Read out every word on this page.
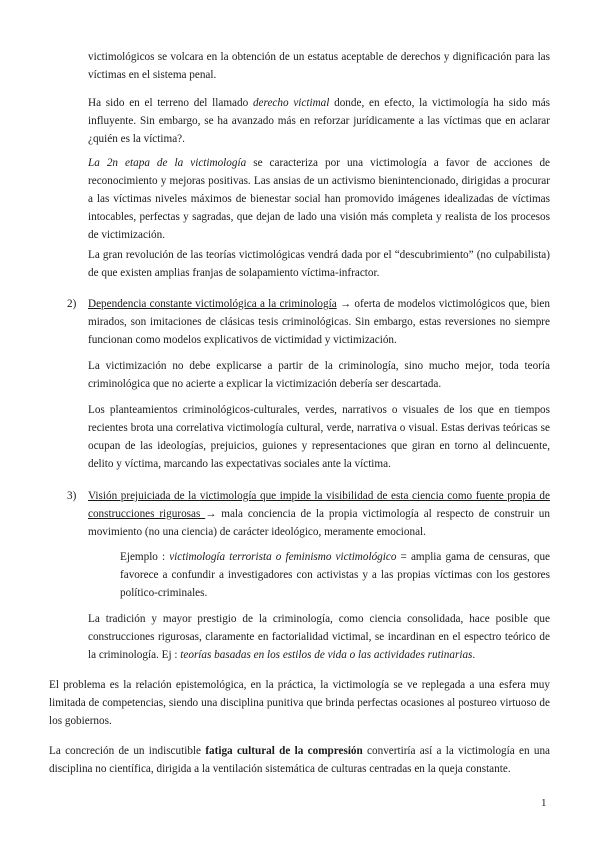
victimológicos se volcara en la obtención de un estatus aceptable de derechos y dignificación para las víctimas en el sistema penal.

Ha sido en el terreno del llamado derecho victimal donde, en efecto, la victimología ha sido más influyente. Sin embargo, se ha avanzado más en reforzar jurídicamente a las víctimas que en aclarar ¿quién es la víctima?.

La 2n etapa de la victimología se caracteriza por una victimología a favor de acciones de reconocimiento y mejoras positivas. Las ansias de un activismo bienintencionado, dirigidas a procurar a las víctimas niveles máximos de bienestar social han promovido imágenes idealizadas de víctimas intocables, perfectas y sagradas, que dejan de lado una visión más completa y realista de los procesos de victimización.

La gran revolución de las teorías victimológicas vendrá dada por el “descubrimiento” (no culpabilista) de que existen amplias franjas de solapamiento víctima-infractor.

2) Dependencia constante victimológica a la criminología → oferta de modelos victimológicos que, bien mirados, son imitaciones de clásicas tesis criminológicas. Sin embargo, estas reversiones no siempre funcionan como modelos explicativos de victimidad y victimización.

La victimización no debe explicarse a partir de la criminología, sino mucho mejor, toda teoría criminológica que no acierte a explicar la victimización debería ser descartada.

Los planteamientos criminológicos-culturales, verdes, narrativos o visuales de los que en tiempos recientes brota una correlativa victimología cultural, verde, narrativa o visual. Estas derivas teóricas se ocupan de las ideologías, prejuicios, guiones y representaciones que giran en torno al delincuente, delito y víctima, marcando las expectativas sociales ante la víctima.

3) Visión prejuiciada de la victimología que impide la visibilidad de esta ciencia como fuente propia de construcciones rigurosas → mala conciencia de la propia victimología al respecto de construir un movimiento (no una ciencia) de carácter ideológico, meramente emocional.

Ejemplo : victimología terrorista o feminismo victimológico = amplia gama de censuras, que favorece a confundir a investigadores con activistas y a las propias víctimas con los gestores político-criminales.

La tradición y mayor prestigio de la criminología, como ciencia consolidada, hace posible que construcciones rigurosas, claramente en factorialidad victimal, se incardinan en el espectro teórico de la criminología. Ej : teorías basadas en los estilos de vida o las actividades rutinarias.

El problema es la relación epistemológica, en la práctica, la victimología se ve replegada a una esfera muy limitada de competencias, siendo una disciplina punitiva que brinda perfectas ocasiones al postureo virtuoso de los gobiernos.

La concreción de un indiscutible fatiga cultural de la compresión convertiría así a la victimología en una disciplina no científica, dirigida a la ventilación sistemática de culturas centradas en la queja constante.

1
